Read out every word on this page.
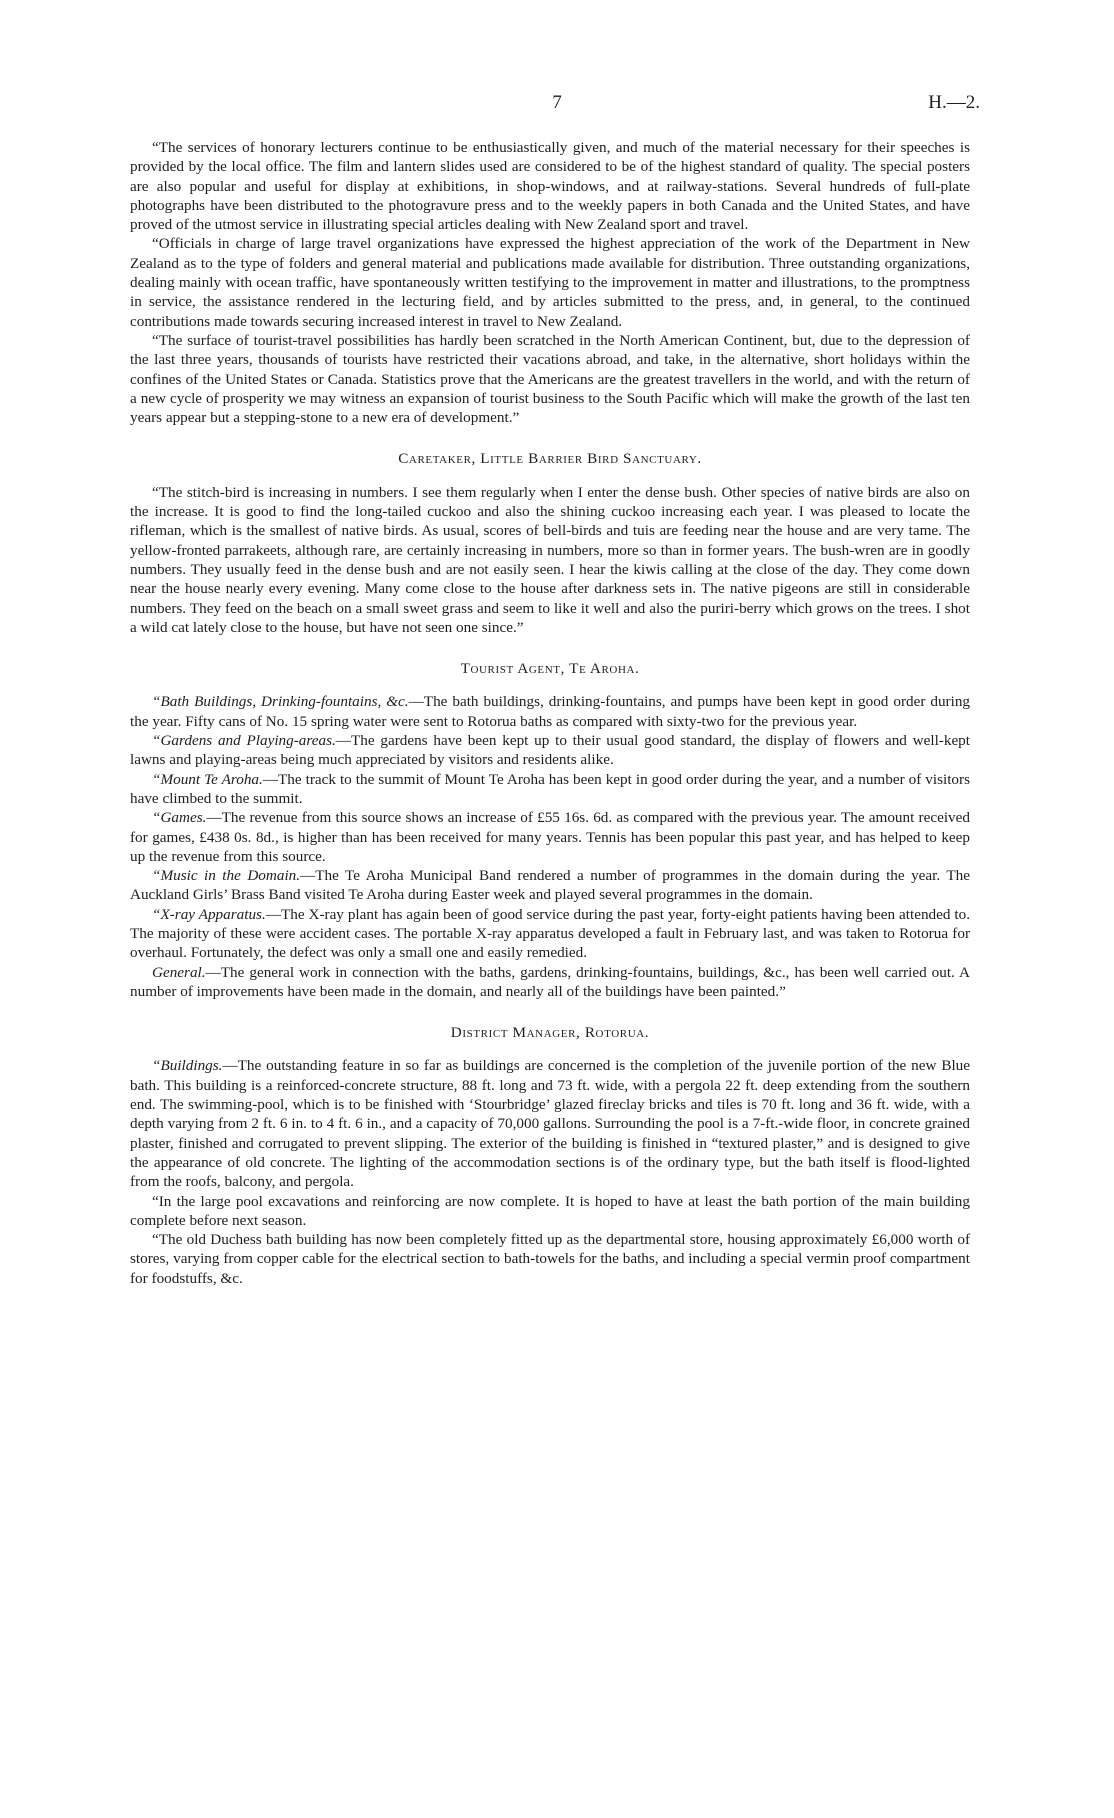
7	H.—2.

“The services of honorary lecturers continue to be enthusiastically given, and much of the material necessary for their speeches is provided by the local office. The film and lantern slides used are considered to be of the highest standard of quality. The special posters are also popular and useful for display at exhibitions, in shop-windows, and at railway-stations. Several hundreds of full-plate photographs have been distributed to the photogravure press and to the weekly papers in both Canada and the United States, and have proved of the utmost service in illustrating special articles dealing with New Zealand sport and travel.

“Officials in charge of large travel organizations have expressed the highest appreciation of the work of the Department in New Zealand as to the type of folders and general material and publications made available for distribution. Three outstanding organizations, dealing mainly with ocean traffic, have spontaneously written testifying to the improvement in matter and illustrations, to the promptness in service, the assistance rendered in the lecturing field, and by articles submitted to the press, and, in general, to the continued contributions made towards securing increased interest in travel to New Zealand.

“The surface of tourist-travel possibilities has hardly been scratched in the North American Continent, but, due to the depression of the last three years, thousands of tourists have restricted their vacations abroad, and take, in the alternative, short holidays within the confines of the United States or Canada. Statistics prove that the Americans are the greatest travellers in the world, and with the return of a new cycle of prosperity we may witness an expansion of tourist business to the South Pacific which will make the growth of the last ten years appear but a stepping-stone to a new era of development.”

Caretaker, Little Barrier Bird Sanctuary.

“The stitch-bird is increasing in numbers. I see them regularly when I enter the dense bush. Other species of native birds are also on the increase. It is good to find the long-tailed cuckoo and also the shining cuckoo increasing each year. I was pleased to locate the rifleman, which is the smallest of native birds. As usual, scores of bell-birds and tuis are feeding near the house and are very tame. The yellow-fronted parrakeets, although rare, are certainly increasing in numbers, more so than in former years. The bush-wren are in goodly numbers. They usually feed in the dense bush and are not easily seen. I hear the kiwis calling at the close of the day. They come down near the house nearly every evening. Many come close to the house after darkness sets in. The native pigeons are still in considerable numbers. They feed on the beach on a small sweet grass and seem to like it well and also the puriri-berry which grows on the trees. I shot a wild cat lately close to the house, but have not seen one since.”

Tourist Agent, Te Aroha.

“Bath Buildings, Drinking-fountains, &c.—The bath buildings, drinking-fountains, and pumps have been kept in good order during the year. Fifty cans of No. 15 spring water were sent to Rotorua baths as compared with sixty-two for the previous year.

“Gardens and Playing-areas.—The gardens have been kept up to their usual good standard, the display of flowers and well-kept lawns and playing-areas being much appreciated by visitors and residents alike.

“Mount Te Aroha.—The track to the summit of Mount Te Aroha has been kept in good order during the year, and a number of visitors have climbed to the summit.

“Games.—The revenue from this source shows an increase of £55 16s. 6d. as compared with the previous year. The amount received for games, £438 0s. 8d., is higher than has been received for many years. Tennis has been popular this past year, and has helped to keep up the revenue from this source.

“Music in the Domain.—The Te Aroha Municipal Band rendered a number of programmes in the domain during the year. The Auckland Girls’ Brass Band visited Te Aroha during Easter week and played several programmes in the domain.

“X-ray Apparatus.—The X-ray plant has again been of good service during the past year, forty-eight patients having been attended to. The majority of these were accident cases. The portable X-ray apparatus developed a fault in February last, and was taken to Rotorua for overhaul. Fortunately, the defect was only a small one and easily remedied.

General.—The general work in connection with the baths, gardens, drinking-fountains, buildings, &c., has been well carried out. A number of improvements have been made in the domain, and nearly all of the buildings have been painted.”

District Manager, Rotorua.

“Buildings.—The outstanding feature in so far as buildings are concerned is the completion of the juvenile portion of the new Blue bath. This building is a reinforced-concrete structure, 88 ft. long and 73 ft. wide, with a pergola 22 ft. deep extending from the southern end. The swimming-pool, which is to be finished with ‘Stourbridge’ glazed fireclay bricks and tiles is 70 ft. long and 36 ft. wide, with a depth varying from 2 ft. 6 in. to 4 ft. 6 in., and a capacity of 70,000 gallons. Surrounding the pool is a 7-ft.-wide floor, in concrete grained plaster, finished and corrugated to prevent slipping. The exterior of the building is finished in “textured plaster,” and is designed to give the appearance of old concrete. The lighting of the accommodation sections is of the ordinary type, but the bath itself is flood-lighted from the roofs, balcony, and pergola.

“In the large pool excavations and reinforcing are now complete. It is hoped to have at least the bath portion of the main building complete before next season.

“The old Duchess bath building has now been completely fitted up as the departmental store, housing approximately £6,000 worth of stores, varying from copper cable for the electrical section to bath-towels for the baths, and including a special vermin proof compartment for foodstuffs, &c.
